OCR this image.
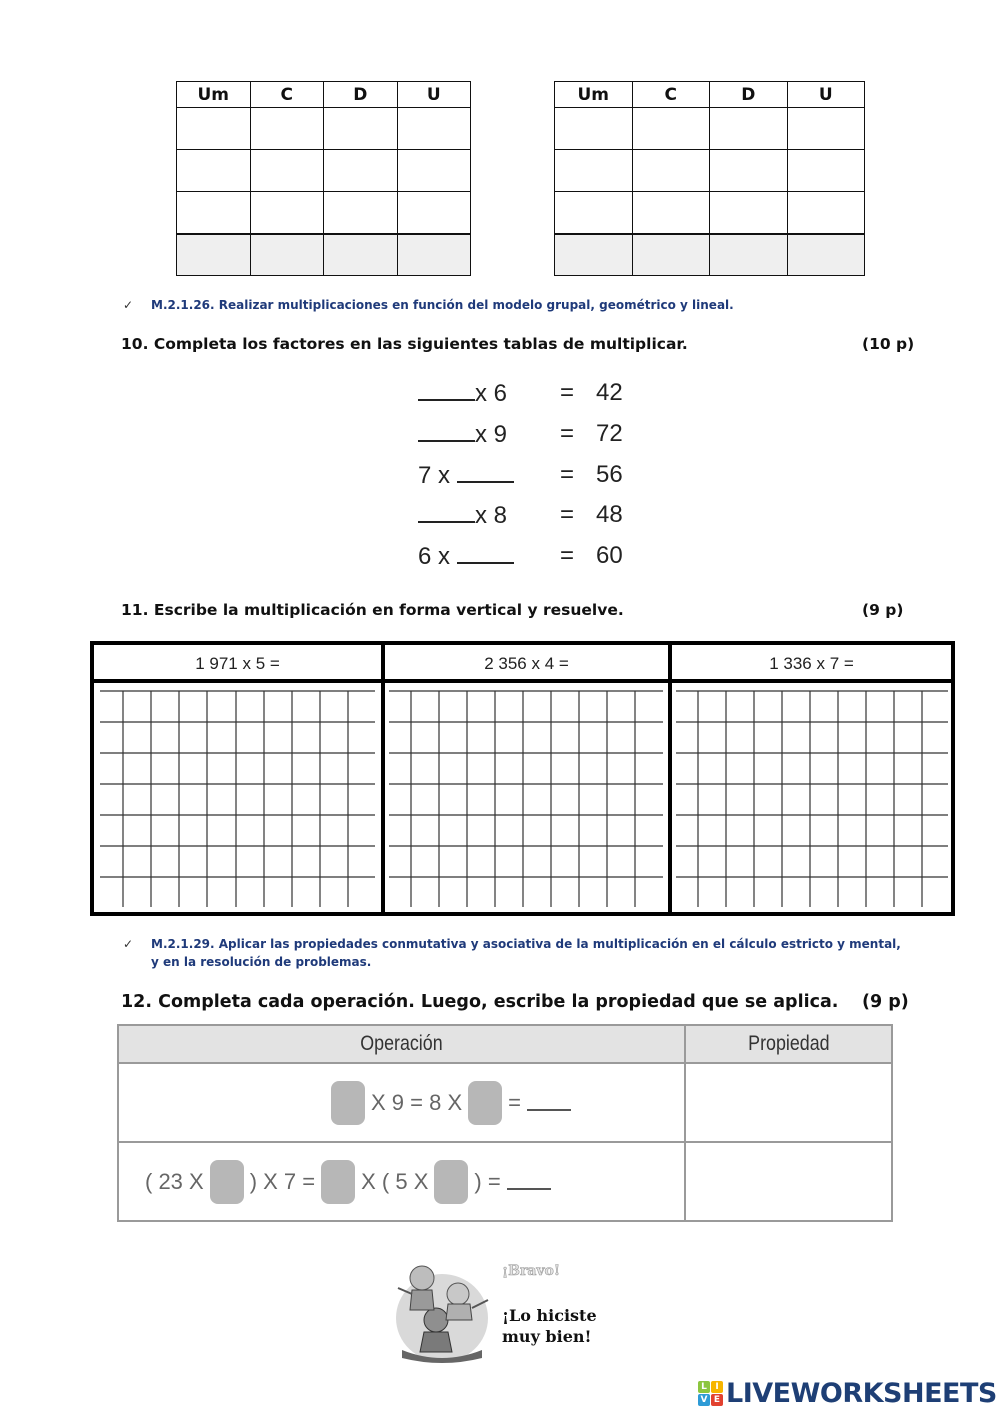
Um	C	D	U

				Um	C	D	U

✓ M.2.1.26. Realizar multiplicaciones en función del modelo grupal, geométrico y lineal.
10. Completa los factores en las siguientes tablas de multiplicar.	(10 p)
x 6 = 42
x 9 = 72
7 x	= 56
x 8 = 48
6 x	= 60
11. Escribe la multiplicación en forma vertical y resuelve.	(9 p)
1 971 x 5 =	2 356 x 4 =	1 336 x 7 =
✓ M.2.1.29. Aplicar las propiedades conmutativa y asociativa de la multiplicación en el cálculo estricto y mental, y en la resolución de problemas.
12. Completa cada operación. Luego, escribe la propiedad que se aplica. (9 p)
Operación	Propiedad

X 9 = 8 X =	

( 23 X ) X 7 = X ( 5 X ) =	

¡Bravo!
¡Lo hiciste
muy bien!
L I
V E LIVEWORKSHEETS
